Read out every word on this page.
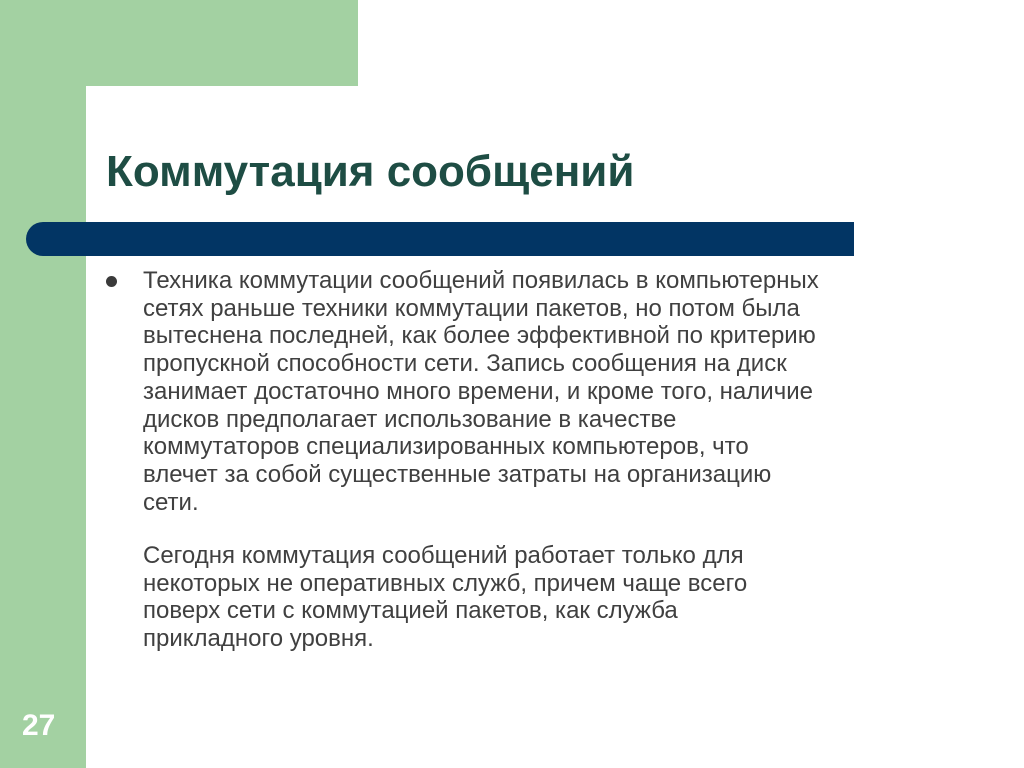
Коммутация сообщений

Техника коммутации сообщений появилась в компьютерных
сетях раньше техники коммутации пакетов, но потом была
вытеснена последней, как более эффективной по критерию
пропускной способности сети. Запись сообщения на диск
занимает достаточно много времени, и кроме того, наличие
дисков предполагает использование в качестве
коммутаторов специализированных компьютеров, что
влечет за собой существенные затраты на организацию
сети.

Сегодня коммутация сообщений работает только для
некоторых не оперативных служб, причем чаще всего
поверх сети с коммутацией пакетов, как служба
прикладного уровня.

27
